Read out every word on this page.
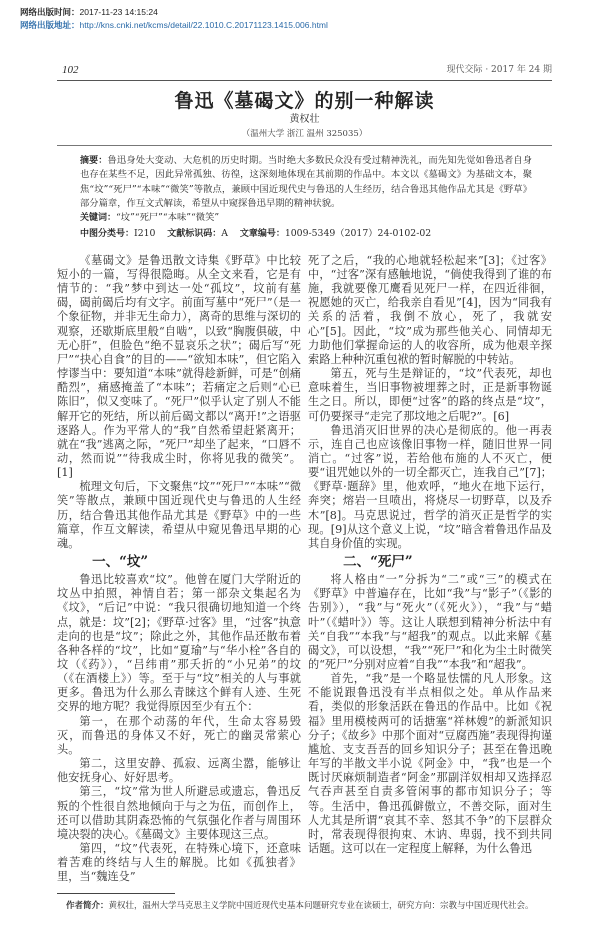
网络出版时间：2017-11-23 14:15:24
网络出版地址：http://kns.cnki.net/kcms/detail/22.1010.C.20171123.1415.006.html
102	现代交际 · 2017 年 24 期
鲁迅《墓碣文》的别一种解读
黄权壮
（温州大学 浙江 温州 325035）
摘要：鲁迅身处大变动、大危机的历史时期。当时绝大多数民众没有受过精神洗礼，而先知先觉如鲁迅者自身也存在某些不足，因此异常孤独、彷徨，这深刻地体现在其前期的作品中。本文以《墓碣文》为基础文本，聚焦“坟”“死尸”“本味”“微笑”等散点，兼顾中国近现代史与鲁迅的人生经历，结合鲁迅其他作品尤其是《野草》部分篇章，作互文式解读，希望从中窥探鲁迅早期的精神状貌。
关键词：“坟”“死尸”“本味”“微笑”
中图分类号：I210 文献标识码：A 文章编号：1009-5349（2017）24-0102-02

《墓碣文》是鲁迅散文诗集《野草》中比较短小的一篇，写得很隐晦。从全文来看，它是有情节的：“我”梦中到达一处“孤坟”，坟前有墓碣，碣前碣后均有文字。前面写墓中“死尸”（是一个象征物，并非无生命力），离奇的思维与深切的观察，还歇斯底里般“自啮”，以致“胸腹俱破，中无心肝”，但脸色“绝不显哀乐之状”；碣后写“死尸”“抉心自食”的目的——“欲知本味”，但它陷入悖谬当中：要知道“本味”就得趁新鲜，可是“创痛酷烈”，痛感掩盖了“本味”；若痛定之后则“心已陈旧”，似又变味了。“死尸”似乎认定了别人不能解开它的死结，所以前后碣文都以“离开!”之语驱逐路人。作为平常人的“我”自然希望赶紧离开；就在“我”逃离之际，“死尸”却坐了起来，“口唇不动，然而说”“待我成尘时，你将见我的微笑”。[1]

梳理文句后，下文聚焦“坟”“死尸”“本味”“微笑”等散点，兼顾中国近现代史与鲁迅的人生经历，结合鲁迅其他作品尤其是《野草》中的一些篇章，作互文解读，希望从中窥见鲁迅早期的心魂。

一、“坟”

鲁迅比较喜欢“坟”。他曾在厦门大学附近的坟丛中拍照，神情自若；第一部杂文集起名为《坟》，“后记”中说：“我只很确切地知道一个终点，就是：坟”[2]；《野草·过客》里，“过客”执意走向的也是“坟”；除此之外，其他作品还散布着各种各样的“坟”，比如“夏瑜”与“华小栓”各自的坟（《药》），“吕纬甫”那夭折的“小兄弟”的坟（《在酒楼上》）等。至于与“坟”相关的人与事就更多。鲁迅为什么那么青睐这个鲜有人迹、生死交界的地方呢？我觉得原因至少有五个：

第一，在那个动荡的年代，生命太容易毁灭，而鲁迅的身体又不好，死亡的幽灵常萦心头。

第二，这里安静、孤寂、远离尘嚣，能够让他安抚身心、好好思考。

第三，“坟”常为世人所避忌或遗忘，鲁迅反叛的个性很自然地倾向于与之为伍，而创作上，还可以借助其阴森恐怖的气氛强化作者与周围环境决裂的决心。《墓碣文》主要体现这三点。

第四，“坟”代表死，在特殊心境下，还意味着苦难的终结与人生的解脱。比如《孤独者》里，当“魏连殳”

死了之后，“我的心地就轻松起来”[3]；《过客》中，“过客”深有感触地说，“倘使我得到了谁的布施，我就要像兀鹰看见死尸一样，在四近徘徊，祝愿她的灭亡，给我亲自看见”[4]，因为“同我有关系的活着，我倒不放心，死了，我就安心”[5]。因此，“坟”成为那些他关心、同情却无力助他们掌握命运的人的收容所，成为他艰辛探索路上种种沉重包袱的暂时解脱的中转站。

第五，死与生是辩证的，“坟”代表死，却也意味着生，当旧事物被埋葬之时，正是新事物诞生之日。所以，即便“过客”的路的终点是“坟”，可仍要探寻“走完了那坟地之后呢?”。[6]

鲁迅消灭旧世界的决心是彻底的。他一再表示，连自己也应该像旧事物一样，随旧世界一同消亡。“过客”说，若给他布施的人不灭亡，便要“诅咒她以外的一切全都灭亡，连我自己”[7]；《野草·题辞》里，他欢呼，“地火在地下运行，奔突；熔岩一旦喷出，将烧尽一切野草，以及乔木”[8]。马克思说过，哲学的消灭正是哲学的实现。[9]从这个意义上说，“坟”暗含着鲁迅作品及其自身价值的实现。

二、“死尸”

将人格由“一”分拆为“二”或“三”的模式在《野草》中普遍存在，比如“我”与“影子”（《影的告别》），“我”与“死火”（《死火》），“我”与“蜡叶”（《蜡叶》）等。这让人联想到精神分析法中有关“自我”“本我”与“超我”的观点。以此来解《墓碣文》，可以设想，“我”“死尸”和化为尘土时微笑的“死尸”分别对应着“自我”“本我”和“超我”。

首先，“我”是一个略显怯懦的凡人形象。这不能说跟鲁迅没有半点相似之处。单从作品来看，类似的形象活跃在鲁迅的作品中。比如《祝福》里用模棱两可的话搪塞“祥林嫂”的新派知识分子；《故乡》中那个面对“豆腐西施”表现得拘谨尴尬、支支吾吾的回乡知识分子；甚至在鲁迅晚年写的半散文半小说《阿金》中，“我”也是一个既讨厌麻烦制造者“阿金”那副洋奴相却又选择忍气吞声甚至自责多管闲事的都市知识分子；等等。生活中，鲁迅孤僻傲立，不善交际，面对生人尤其是所谓“哀其不幸、怒其不争”的下层群众时，常表现得很拘束、木讷、卑弱，找不到共同话题。这可以在一定程度上解释，为什么鲁迅

作者简介：黄权壮，温州大学马克思主义学院中国近现代史基本问题研究专业在读硕士，研究方向：宗教与中国近现代社会。
